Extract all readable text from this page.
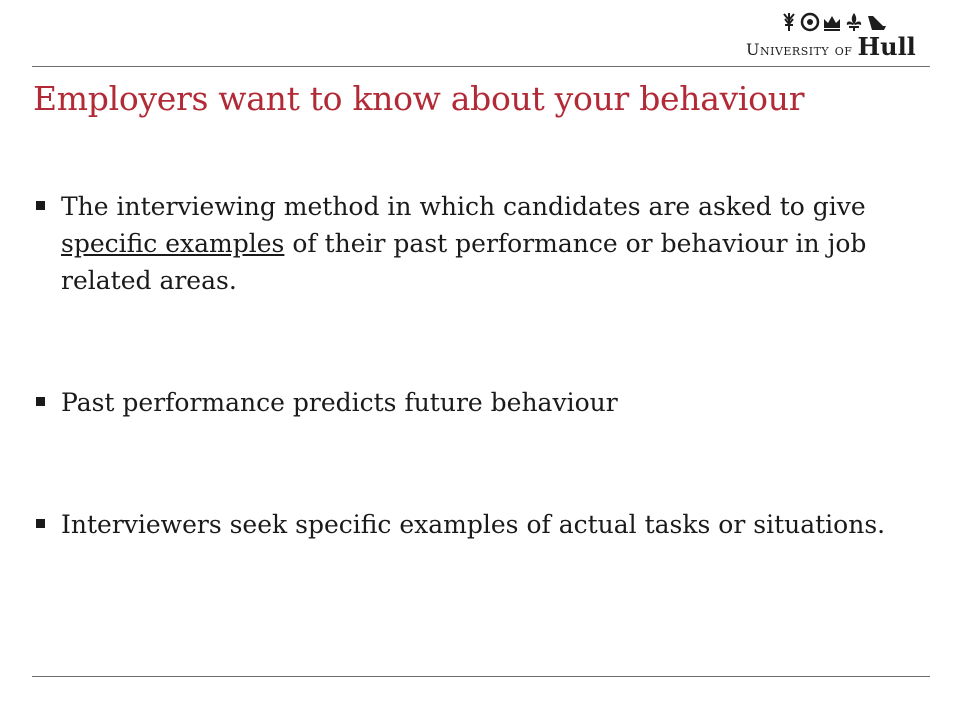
University of Hull
Employers want to know about your behaviour
The interviewing method in which candidates are asked to give specific examples of their past performance or behaviour in job related areas.
Past performance predicts future behaviour
Interviewers seek specific examples of actual tasks or situations.
